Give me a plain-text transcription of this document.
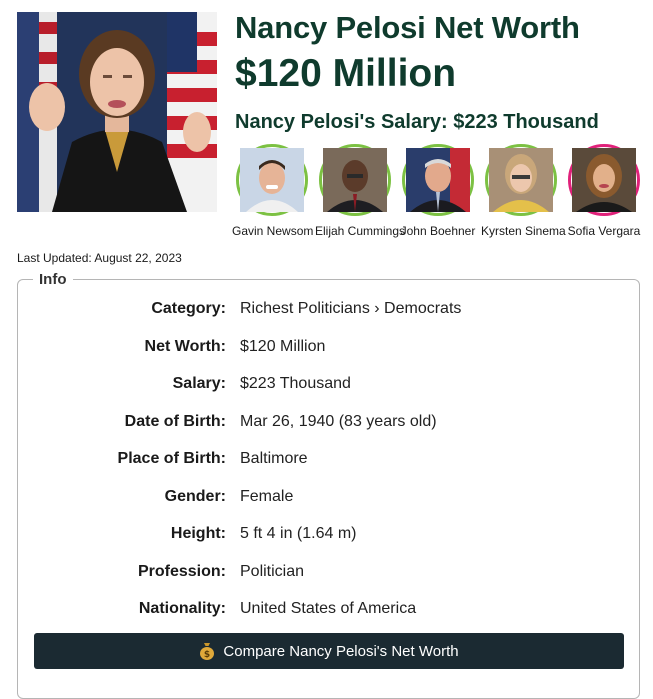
Nancy Pelosi Net Worth
$120 Million
Nancy Pelosi's Salary: $223 Thousand
Gavin Newsom Elijah Cummings
John Boehner Kyrsten Sinema Sofia Vergara
Last Updated: August 22, 2023
Info
Category: Richest Politicians › Democrats
Net Worth: $120 Million
Salary: $223 Thousand
Date of Birth: Mar 26, 1940 (83 years old)
Place of Birth: Baltimore
Gender: Female
Height: 5 ft 4 in (1.64 m)
Profession: Politician
Nationality: United States of America
$ Compare Nancy Pelosi's Net Worth
